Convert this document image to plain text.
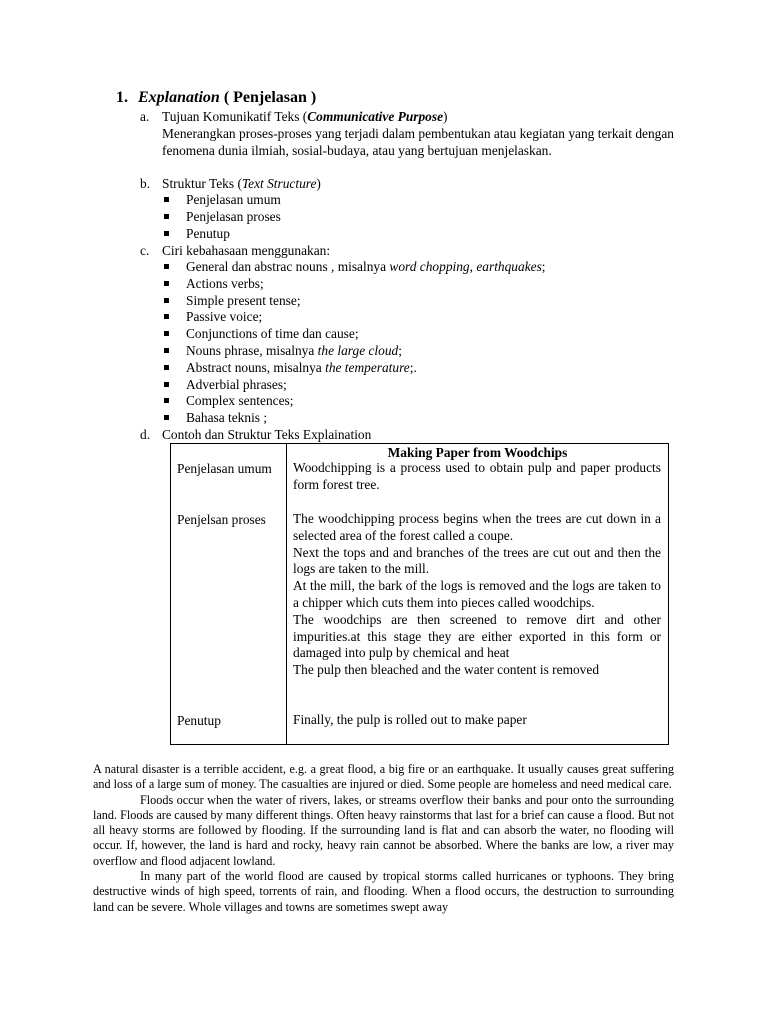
1. Explanation ( Penjelasan )
a. Tujuan Komunikatif Teks (Communicative Purpose)
Menerangkan proses-proses yang terjadi dalam pembentukan atau kegiatan yang terkait dengan fenomena dunia ilmiah, sosial-budaya, atau yang bertujuan menjelaskan.
b. Struktur Teks (Text Structure)
Penjelasan umum
Penjelasan proses
Penutup
c. Ciri kebahasaan menggunakan:
General dan abstrac nouns , misalnya word chopping, earthquakes;
Actions verbs;
Simple present tense;
Passive voice;
Conjunctions of time dan cause;
Nouns phrase, misalnya the large cloud;
Abstract nouns, misalnya the temperature;.
Adverbial phrases;
Complex sentences;
Bahasa teknis ;
d. Contoh dan Struktur Teks Explaination
Making Paper from Woodchips
Penjelasan umum	Woodchipping is a process used to obtain pulp and paper products form forest tree.

Penjelsan proses	The woodchipping process begins when the trees are cut down in a selected area of the forest called a coupe.

Next the tops and and branches of the trees are cut out and then the logs are taken to the mill.

At the mill, the bark of the logs is removed and the logs are taken to a chipper which cuts them into pieces called woodchips.

The woodchips are then screened to remove dirt and other impurities.at this stage they are either exported in this form or damaged into pulp by chemical and heat

The pulp then bleached and the water content is removed

Penutup	Finally, the pulp is rolled out to make paper

A natural disaster is a terrible accident, e.g. a great flood, a big fire or an earthquake. It usually causes great suffering and loss of a large sum of money. The casualties are injured or died. Some people are homeless and need medical care.

Floods occur when the water of rivers, lakes, or streams overflow their banks and pour onto the surrounding land. Floods are caused by many different things. Often heavy rainstorms that last for a brief can cause a flood. But not all heavy storms are followed by flooding. If the surrounding land is flat and can absorb the water, no flooding will occur. If, however, the land is hard and rocky, heavy rain cannot be absorbed. Where the banks are low, a river may overflow and flood adjacent lowland.

In many part of the world flood are caused by tropical storms called hurricanes or typhoons. They bring destructive winds of high speed, torrents of rain, and flooding. When a flood occurs, the destruction to surrounding land can be severe. Whole villages and towns are sometimes swept away
